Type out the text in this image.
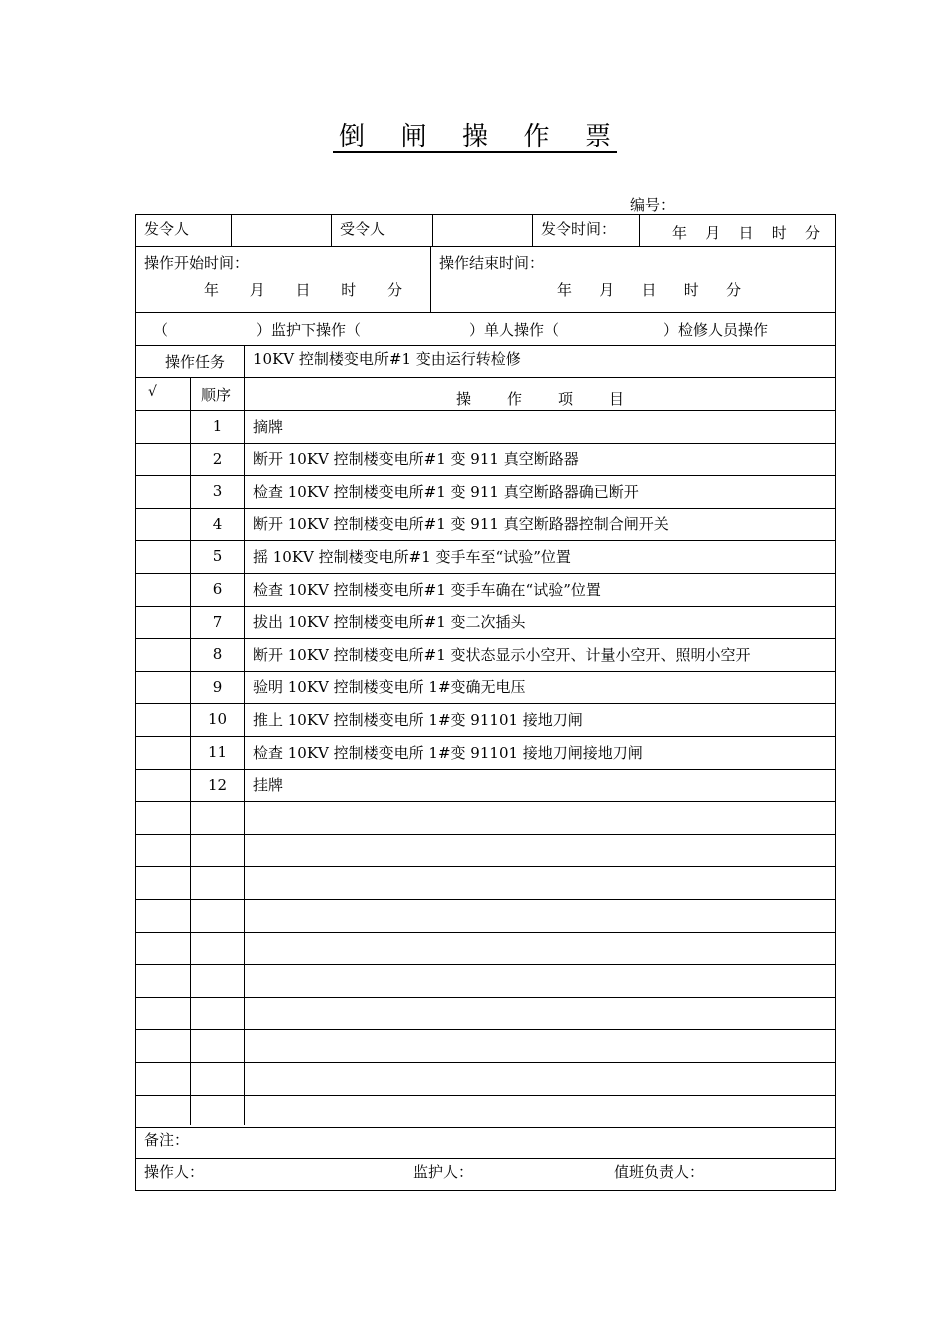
倒 闸 操 作 票
编号：
发令人	受令人	发令时间：	年 月 日 时 分
操作开始时间：
年 月 日 时 分
操作结束时间：
年 月 日 时 分
（	）监护下操作（	）单人操作（	）检修人员操作
操作任务 10KV 控制楼变电所#1 变由运行转检修
√	顺序	操 作 项 目
1	摘牌
2	断开 10KV 控制楼变电所#1 变 911 真空断路器
3	检查 10KV 控制楼变电所#1 变 911 真空断路器确已断开
4	断开 10KV 控制楼变电所#1 变 911 真空断路器控制合闸开关
5	摇 10KV 控制楼变电所#1 变手车至“试验”位置
6	检查 10KV 控制楼变电所#1 变手车确在“试验”位置
7	拔出 10KV 控制楼变电所#1 变二次插头
8	断开 10KV 控制楼变电所#1 变状态显示小空开、计量小空开、照明小空开
9	验明 10KV 控制楼变电所 1#变确无电压
10	推上 10KV 控制楼变电所 1#变 91101 接地刀闸
11	检查 10KV 控制楼变电所 1#变 91101 接地刀闸接地刀闸
12	挂牌
备注：
操作人：	监护人：	值班负责人：
